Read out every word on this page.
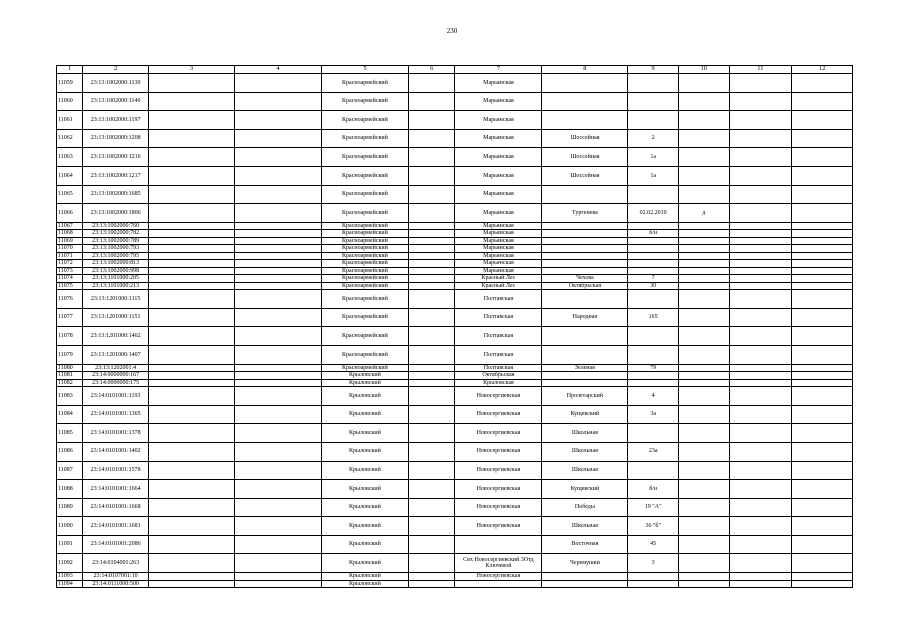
230
1	2	3	4	5	6	7	8	9	10	11	12
11059	23:13:1002000:1130			Красноармейский		Марьянская					
11060	23:13:1002000:1140			Красноармейский		Марьянская					
11061	23:13:1002000:1197			Красноармейский		Марьянская					
11062	23:13:1002000:1208			Красноармейский		Марьянская	Шоссейная	2			
11063	23:13:1002000:1216			Красноармейский		Марьянская	Шоссейная	1а			
11064	23:13:1002000:1217			Красноармейский		Марьянская	Шоссейная	1а			
11065	23:13:1002000:1685			Красноармейский		Марьянская					
11066	23:13:1002000:1806			Красноармейский		Марьянская	Тургенева	02.02.2019	д		
11067	23:13:1002000:760			Красноармейский		Марьянская					
11068	23:13:1002000:782			Красноармейский		Марьянская		б/н			
11069	23:13:1002000:789			Красноармейский		Марьянская					
11070	23:13:1002000:793			Красноармейский		Марьянская					
11071	23:13:1002000:795			Красноармейский		Марьянская					
11072	23:13:1002000:813			Красноармейский		Марьянская					
11073	23:13:1002000:998			Красноармейский		Марьянская					
11074	23:13:1101000:205			Красноармейский		Красный Лес	Чехова	7			
11075	23:13:1101000:213			Красноармейский		Красный Лес	Октябрьская	30			
11076	23:13:1201000:1115			Красноармейский		Полтавская					
11077	23:13:1201000:1151			Красноармейский		Полтавская	Народная	165			
11078	23:13:1201000:1402			Красноармейский		Полтавская					
11079	23:13:1201000:1407			Красноармейский		Полтавская					
11080	23:13:1202001:4			Красноармейский		Полтавская	Зеленая	79			
11081	23:14:0000000:167			Крыловский		Октябрьская					
11082	23:14:0000000:175			Крыловский		Крыловская					
11083	23:14:0101001:1193			Крыловский		Новосергиевская	Пролетарский	4			
11084	23:14:0101001:1365			Крыловский		Новосергиевская	Кущевский	3а			
11085	23:14:0101001:1378			Крыловский		Новосергиевская	Школьная				
11086	23:14:0101001:1402			Крыловский		Новосергиевская	Школьная	23а			
11087	23:14:0101001:1578			Крыловский		Новосергиевская	Школьная				
11088	23:14:0101001:1664			Крыловский		Новосергиевская	Кущевский	б/н			
11089	23:14:0101001:1668			Крыловский		Новосергиевская	Победы	19 "А"			
11090	23:14:0101001:1681			Крыловский		Новосергиевская	Школьная	36 "б"			
11091	23:14:0101001:2086			Крыловский			Восточная	45			
11092	23:14:0104001:263			Крыловский		Свх Новосергиевский 3Отд Ключевой	Черемушки	3			
11093	23:14:0107001:10			Крыловский		Новосергиевская					
11094	23:14:0111000:500			Крыловский							
